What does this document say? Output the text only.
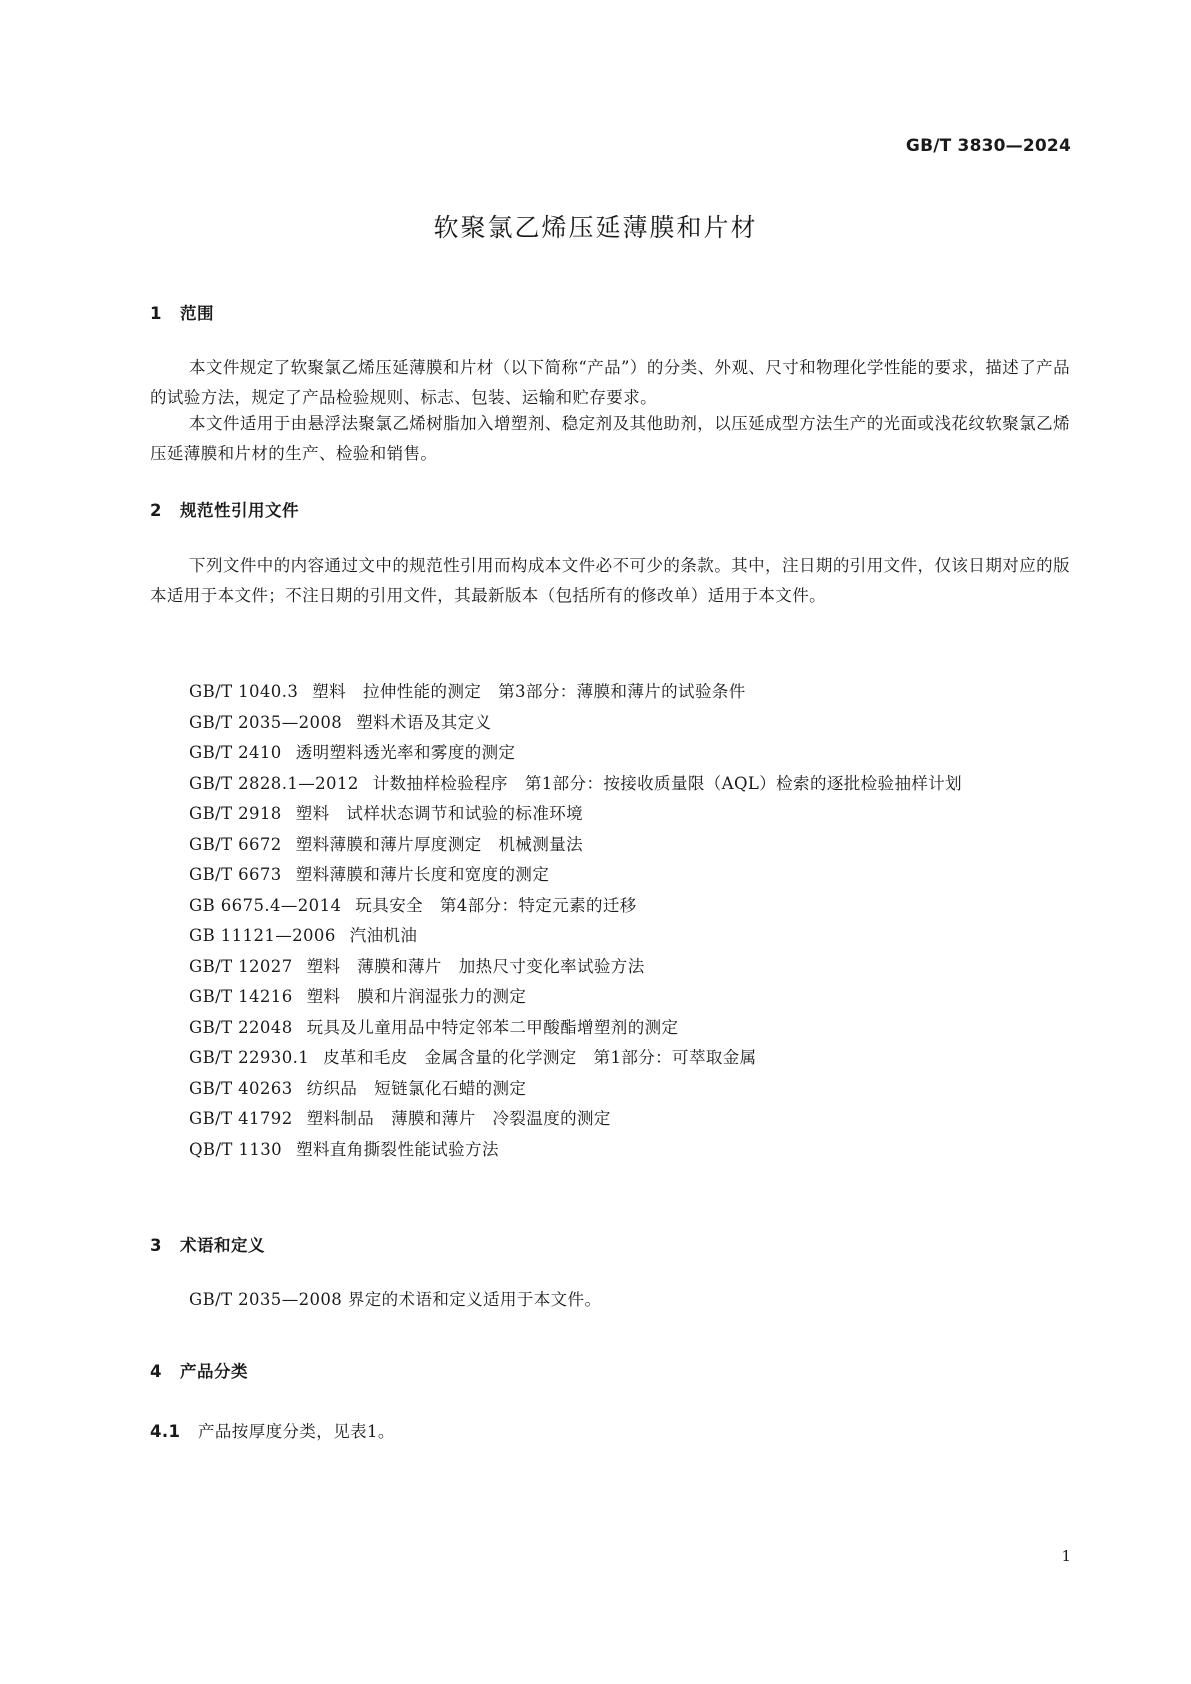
GB/T 3830—2024
软聚氯乙烯压延薄膜和片材
1 范围

本文件规定了软聚氯乙烯压延薄膜和片材（以下简称“产品”）的分类、外观、尺寸和物理化学性能的要求，描述了产品的试验方法，规定了产品检验规则、标志、包装、运输和贮存要求。

本文件适用于由悬浮法聚氯乙烯树脂加入增塑剂、稳定剂及其他助剂，以压延成型方法生产的光面或浅花纹软聚氯乙烯压延薄膜和片材的生产、检验和销售。

2 规范性引用文件

下列文件中的内容通过文中的规范性引用而构成本文件必不可少的条款。其中，注日期的引用文件，仅该日期对应的版本适用于本文件；不注日期的引用文件，其最新版本（包括所有的修改单）适用于本文件。

GB/T 1040.3 塑料　拉伸性能的测定　第3部分：薄膜和薄片的试验条件
GB/T 2035—2008 塑料术语及其定义
GB/T 2410 透明塑料透光率和雾度的测定
GB/T 2828.1—2012 计数抽样检验程序　第1部分：按接收质量限（AQL）检索的逐批检验抽样计划
GB/T 2918 塑料　试样状态调节和试验的标准环境
GB/T 6672 塑料薄膜和薄片厚度测定　机械测量法
GB/T 6673 塑料薄膜和薄片长度和宽度的测定
GB 6675.4—2014 玩具安全　第4部分：特定元素的迁移
GB 11121—2006 汽油机油
GB/T 12027 塑料　薄膜和薄片　加热尺寸变化率试验方法
GB/T 14216 塑料　膜和片润湿张力的测定
GB/T 22048 玩具及儿童用品中特定邻苯二甲酸酯增塑剂的测定
GB/T 22930.1 皮革和毛皮　金属含量的化学测定　第1部分：可萃取金属
GB/T 40263 纺织品　短链氯化石蜡的测定
GB/T 41792 塑料制品　薄膜和薄片　冷裂温度的测定
QB/T 1130 塑料直角撕裂性能试验方法
3 术语和定义

GB/T 2035—2008 界定的术语和定义适用于本文件。

4 产品分类
4.1 产品按厚度分类，见表1。
1
